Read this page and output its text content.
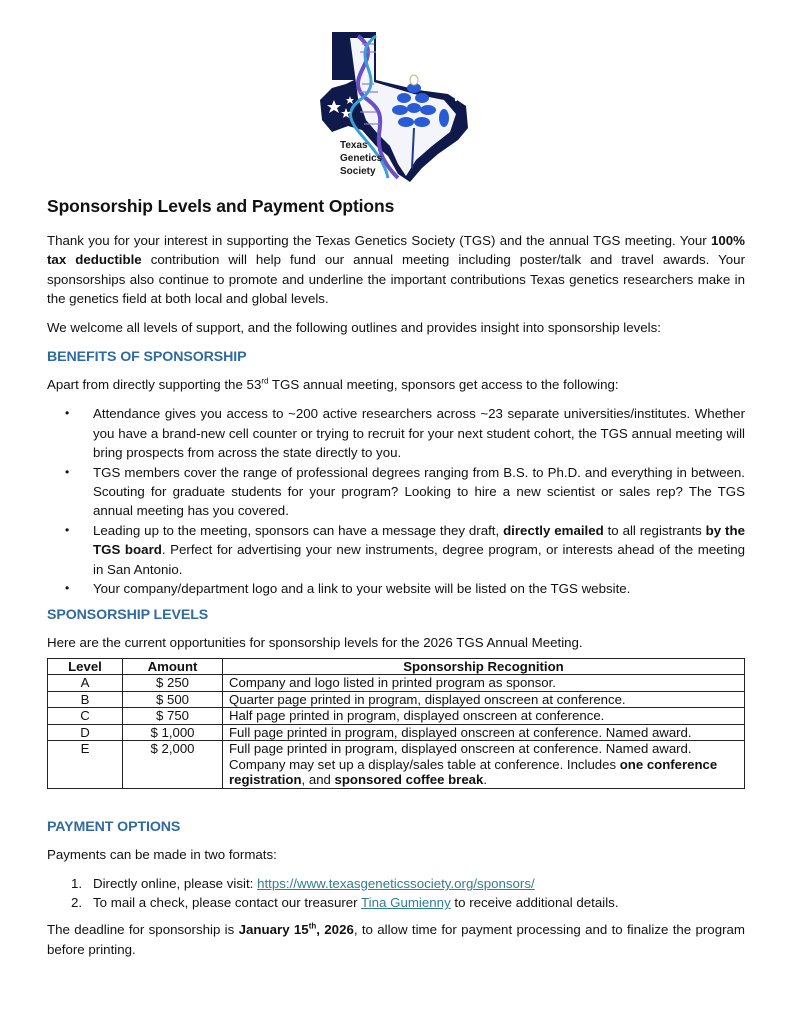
Texas
Genetics
Society
Sponsorship Levels and Payment Options

Thank you for your interest in supporting the Texas Genetics Society (TGS) and the annual TGS meeting. Your 100% tax deductible contribution will help fund our annual meeting including poster/talk and travel awards. Your sponsorships also continue to promote and underline the important contributions Texas genetics researchers make in the genetics field at both local and global levels.

We welcome all levels of support, and the following outlines and provides insight into sponsorship levels:

BENEFITS OF SPONSORSHIP

Apart from directly supporting the 53rd TGS annual meeting, sponsors get access to the following:

• Attendance gives you access to ~200 active researchers across ~23 separate universities/institutes. Whether you have a brand-new cell counter or trying to recruit for your next student cohort, the TGS annual meeting will bring prospects from across the state directly to you.
• TGS members cover the range of professional degrees ranging from B.S. to Ph.D. and everything in between. Scouting for graduate students for your program? Looking to hire a new scientist or sales rep? The TGS annual meeting has you covered.
• Leading up to the meeting, sponsors can have a message they draft, directly emailed to all registrants by the TGS board. Perfect for advertising your new instruments, degree program, or interests ahead of the meeting in San Antonio.
• Your company/department logo and a link to your website will be listed on the TGS website.
SPONSORSHIP LEVELS

Here are the current opportunities for sponsorship levels for the 2026 TGS Annual Meeting.

Level	Amount	Sponsorship Recognition
A	$ 250	Company and logo listed in printed program as sponsor.
B	$ 500	Quarter page printed in program, displayed onscreen at conference.
C	$ 750	Half page printed in program, displayed onscreen at conference.
D	$ 1,000	Full page printed in program, displayed onscreen at conference. Named award.
E	$ 2,000	Full page printed in program, displayed onscreen at conference. Named award. Company may set up a display/sales table at conference. Includes one conference registration, and sponsored coffee break.
PAYMENT OPTIONS

Payments can be made in two formats:

1. Directly online, please visit: https://www.texasgeneticssociety.org/sponsors/
2. To mail a check, please contact our treasurer Tina Gumienny to receive additional details.

The deadline for sponsorship is January 15th, 2026, to allow time for payment processing and to finalize the program before printing.
